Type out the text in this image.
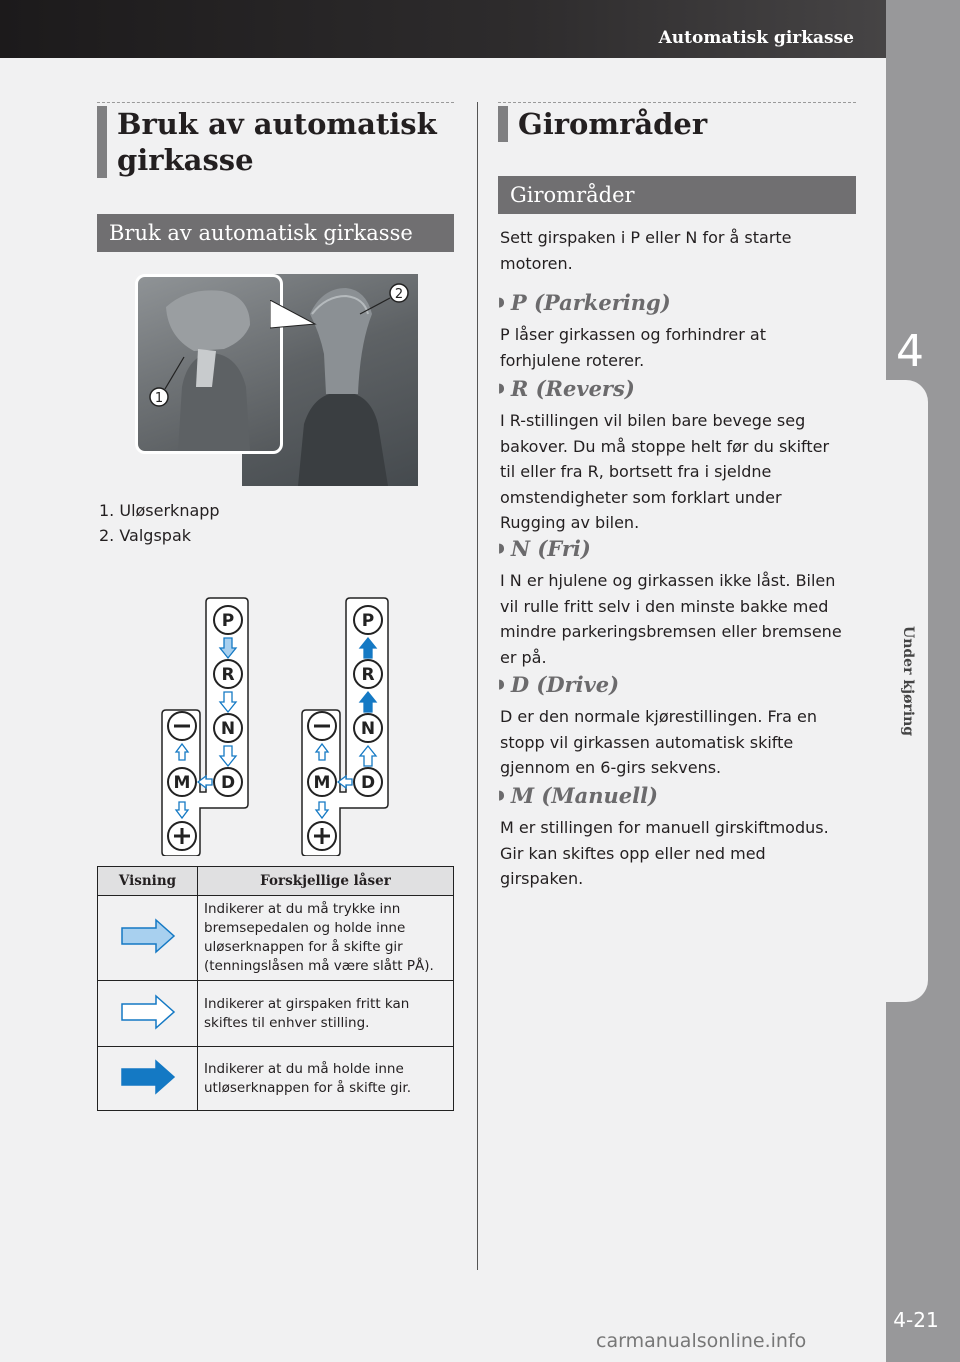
Automatisk girkasse
4
Under kjøring
4-21
carmanualsonline.info
Bruk av automatisk girkasse
Bruk av automatisk girkasse
2
1
1. Uløserknapp
2. Valgspak
P
R
N
D
M
P
R
N
D
M
Visning	Forskjellige låser
	Indikerer at du må trykke inn bremsepedalen og holde inne uløserknappen for å skifte gir (tenningslåsen må være slått PÅ).
	Indikerer at girspaken fritt kan skiftes til enhver stilling.
	Indikerer at du må holde inne utløserknappen for å skifte gir.
Girområder
Girområder
Sett girspaken i P eller N for å starte motoren.
◗ P (Parkering)
P låser girkassen og forhindrer at forhjulene roterer.
◗ R (Revers)
I R-stillingen vil bilen bare bevege seg bakover. Du må stoppe helt før du skifter til eller fra R, bortsett fra i sjeldne omstendigheter som forklart under Rugging av bilen.
◗ N (Fri)
I N er hjulene og girkassen ikke låst. Bilen vil rulle fritt selv i den minste bakke med mindre parkeringsbremsen eller bremsene er på.
◗ D (Drive)
D er den normale kjørestillingen. Fra en stopp vil girkassen automatisk skifte gjennom en 6-girs sekvens.
◗ M (Manuell)
M er stillingen for manuell girskiftmodus. Gir kan skiftes opp eller ned med girspaken.
